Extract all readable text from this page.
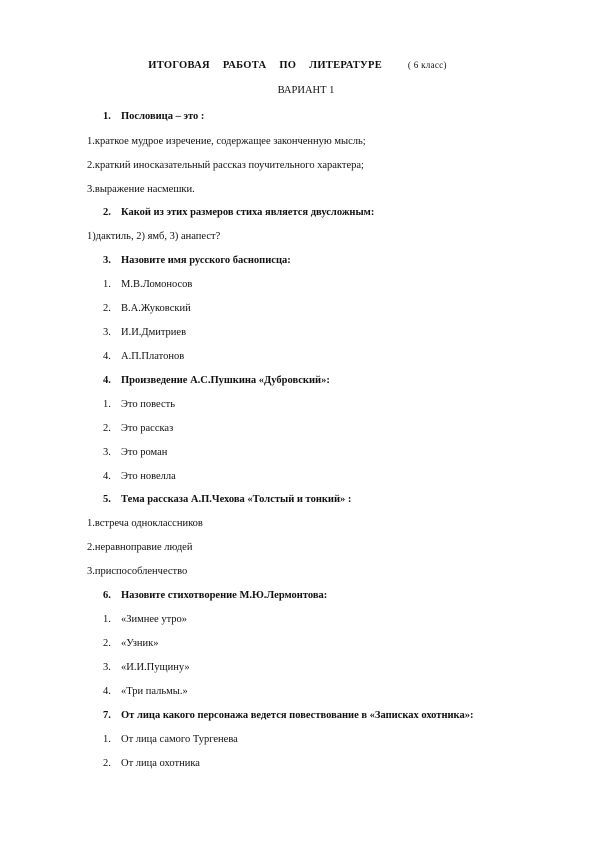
ИТОГОВАЯ РАБОТА ПО ЛИТЕРАТУРЕ	( 6 класс)
ВАРИАНТ 1
1. Пословица – это :
1.краткое мудрое изречение, содержащее законченную мысль;
2.краткий иносказательный рассказ поучительного характера;
3.выражение насмешки.
2. Какой из этих размеров стиха является двусложным:
1)дактиль, 2) ямб, 3) анапест?
3. Назовите имя русского баснописца:
1. М.В.Ломоносов
2. В.А.Жуковский
3. И.И.Дмитриев
4. А.П.Платонов
4. Произведение А.С.Пушкина «Дубровский»:
1. Это повесть
2. Это рассказ
3. Это роман
4. Это новелла
5. Тема рассказа А.П.Чехова «Толстый и тонкий» :
1.встреча одноклассников
2.неравноправие людей
3.приспособленчество
6. Назовите стихотворение М.Ю.Лермонтова:
1. «Зимнее утро»
2. «Узник»
3. «И.И.Пущину»
4. «Три пальмы.»
7. От лица какого персонажа ведется повествование в «Записках охотника»:
1. От лица самого Тургенева
2. От лица охотника
